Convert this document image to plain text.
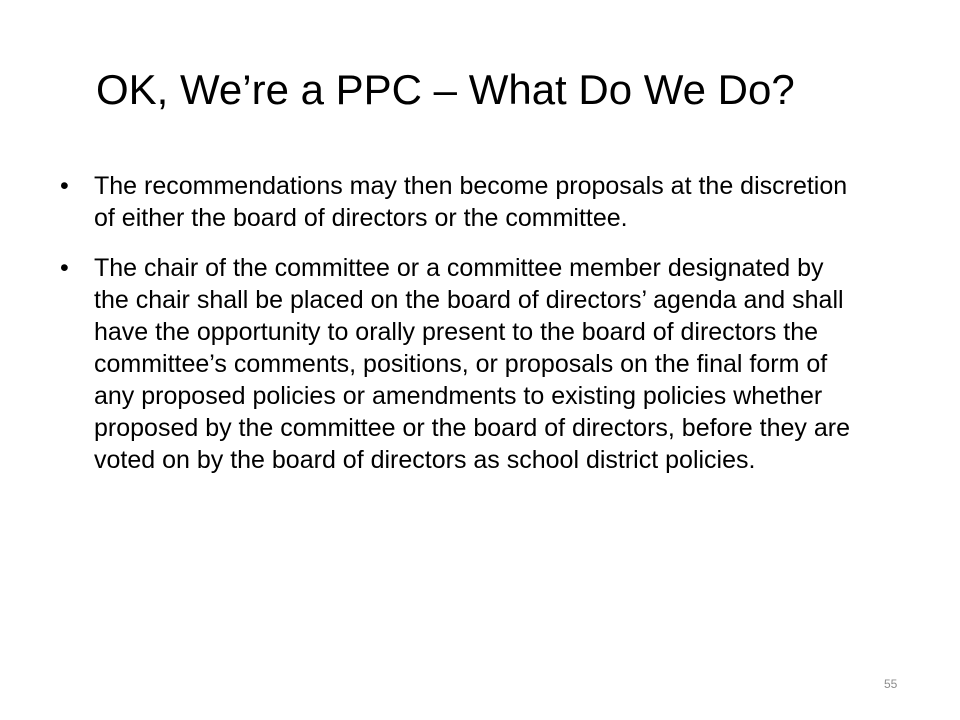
OK, We’re a PPC – What Do We Do?
• The recommendations may then become proposals at the discretion of either the board of directors or the committee.
• The chair of the committee or a committee member designated by the chair shall be placed on the board of directors’ agenda and shall have the opportunity to orally present to the board of directors the committee’s comments, positions, or proposals on the final form of any proposed policies or amendments to existing policies whether proposed by the committee or the board of directors, before they are voted on by the board of directors as school district policies.
55
